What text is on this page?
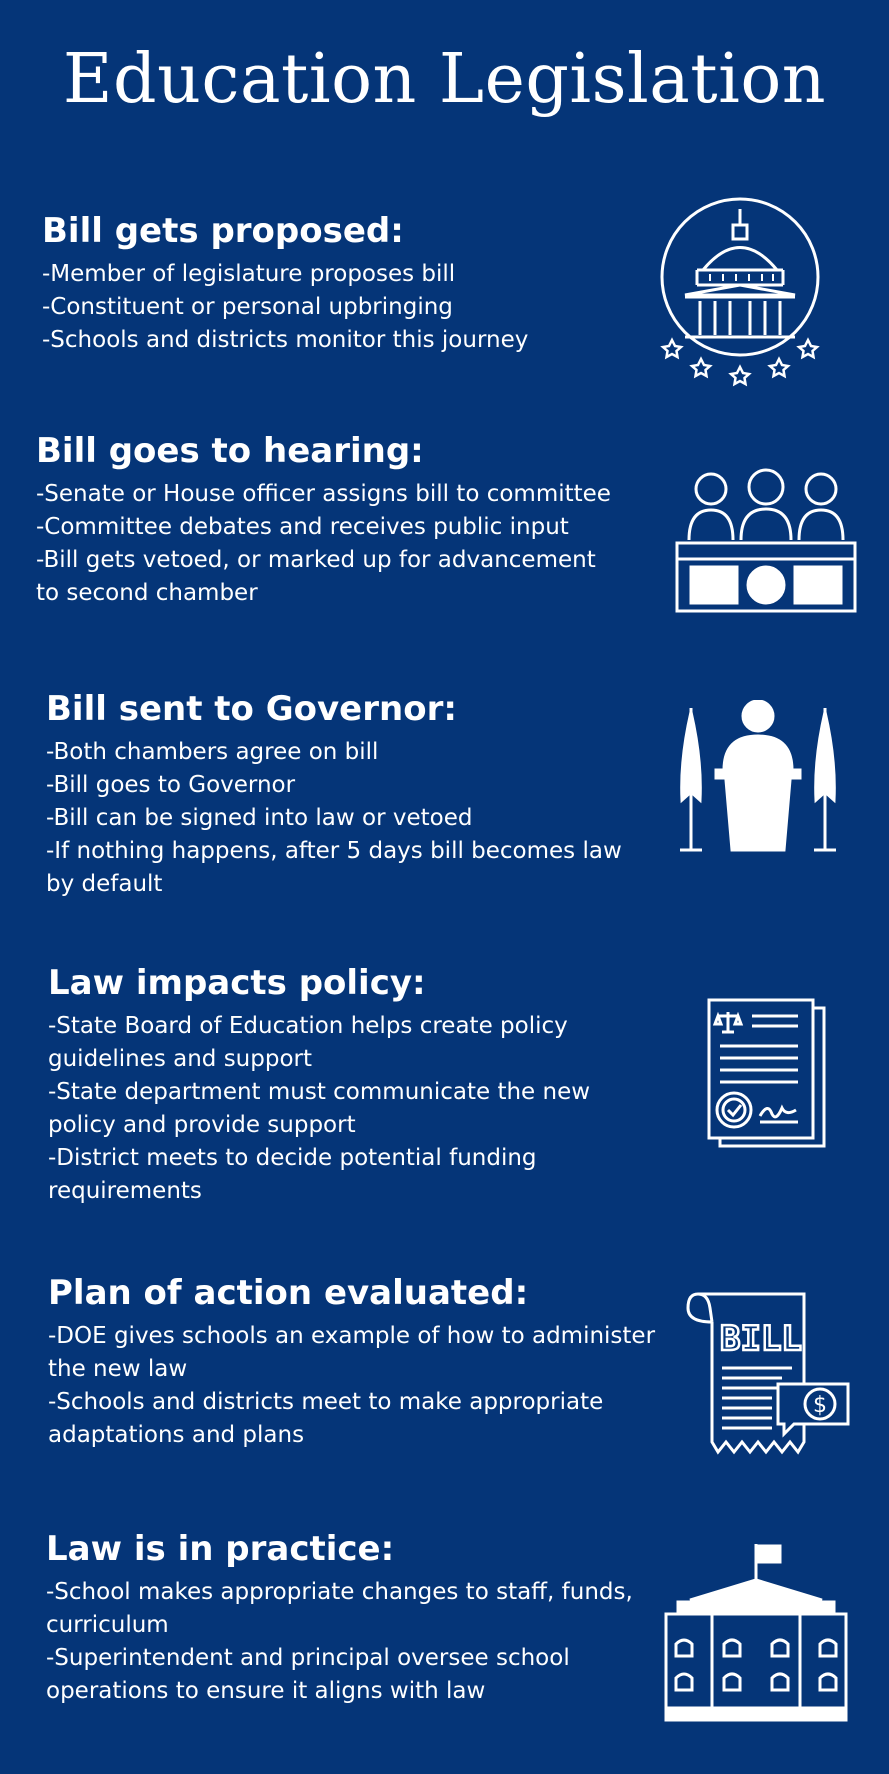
Education Legislation
Bill gets proposed:

-Member of legislature proposes bill

-Constituent or personal upbringing

-Schools and districts monitor this journey

Bill goes to hearing:

-Senate or House officer assigns bill to committee

-Committee debates and receives public input

-Bill gets vetoed, or marked up for advancement

to second chamber

Bill sent to Governor:

-Both chambers agree on bill

-Bill goes to Governor

-Bill can be signed into law or vetoed

-If nothing happens, after 5 days bill becomes law

by default

Law impacts policy:

-State Board of Education helps create policy

guidelines and support

-State department must communicate the new

policy and provide support

-District meets to decide potential funding

requirements

Plan of action evaluated:

-DOE gives schools an example of how to administer

the new law

-Schools and districts meet to make appropriate

adaptations and plans

BILL
$
Law is in practice:

-School makes appropriate changes to staff, funds,

curriculum

-Superintendent and principal oversee school

operations to ensure it aligns with law
